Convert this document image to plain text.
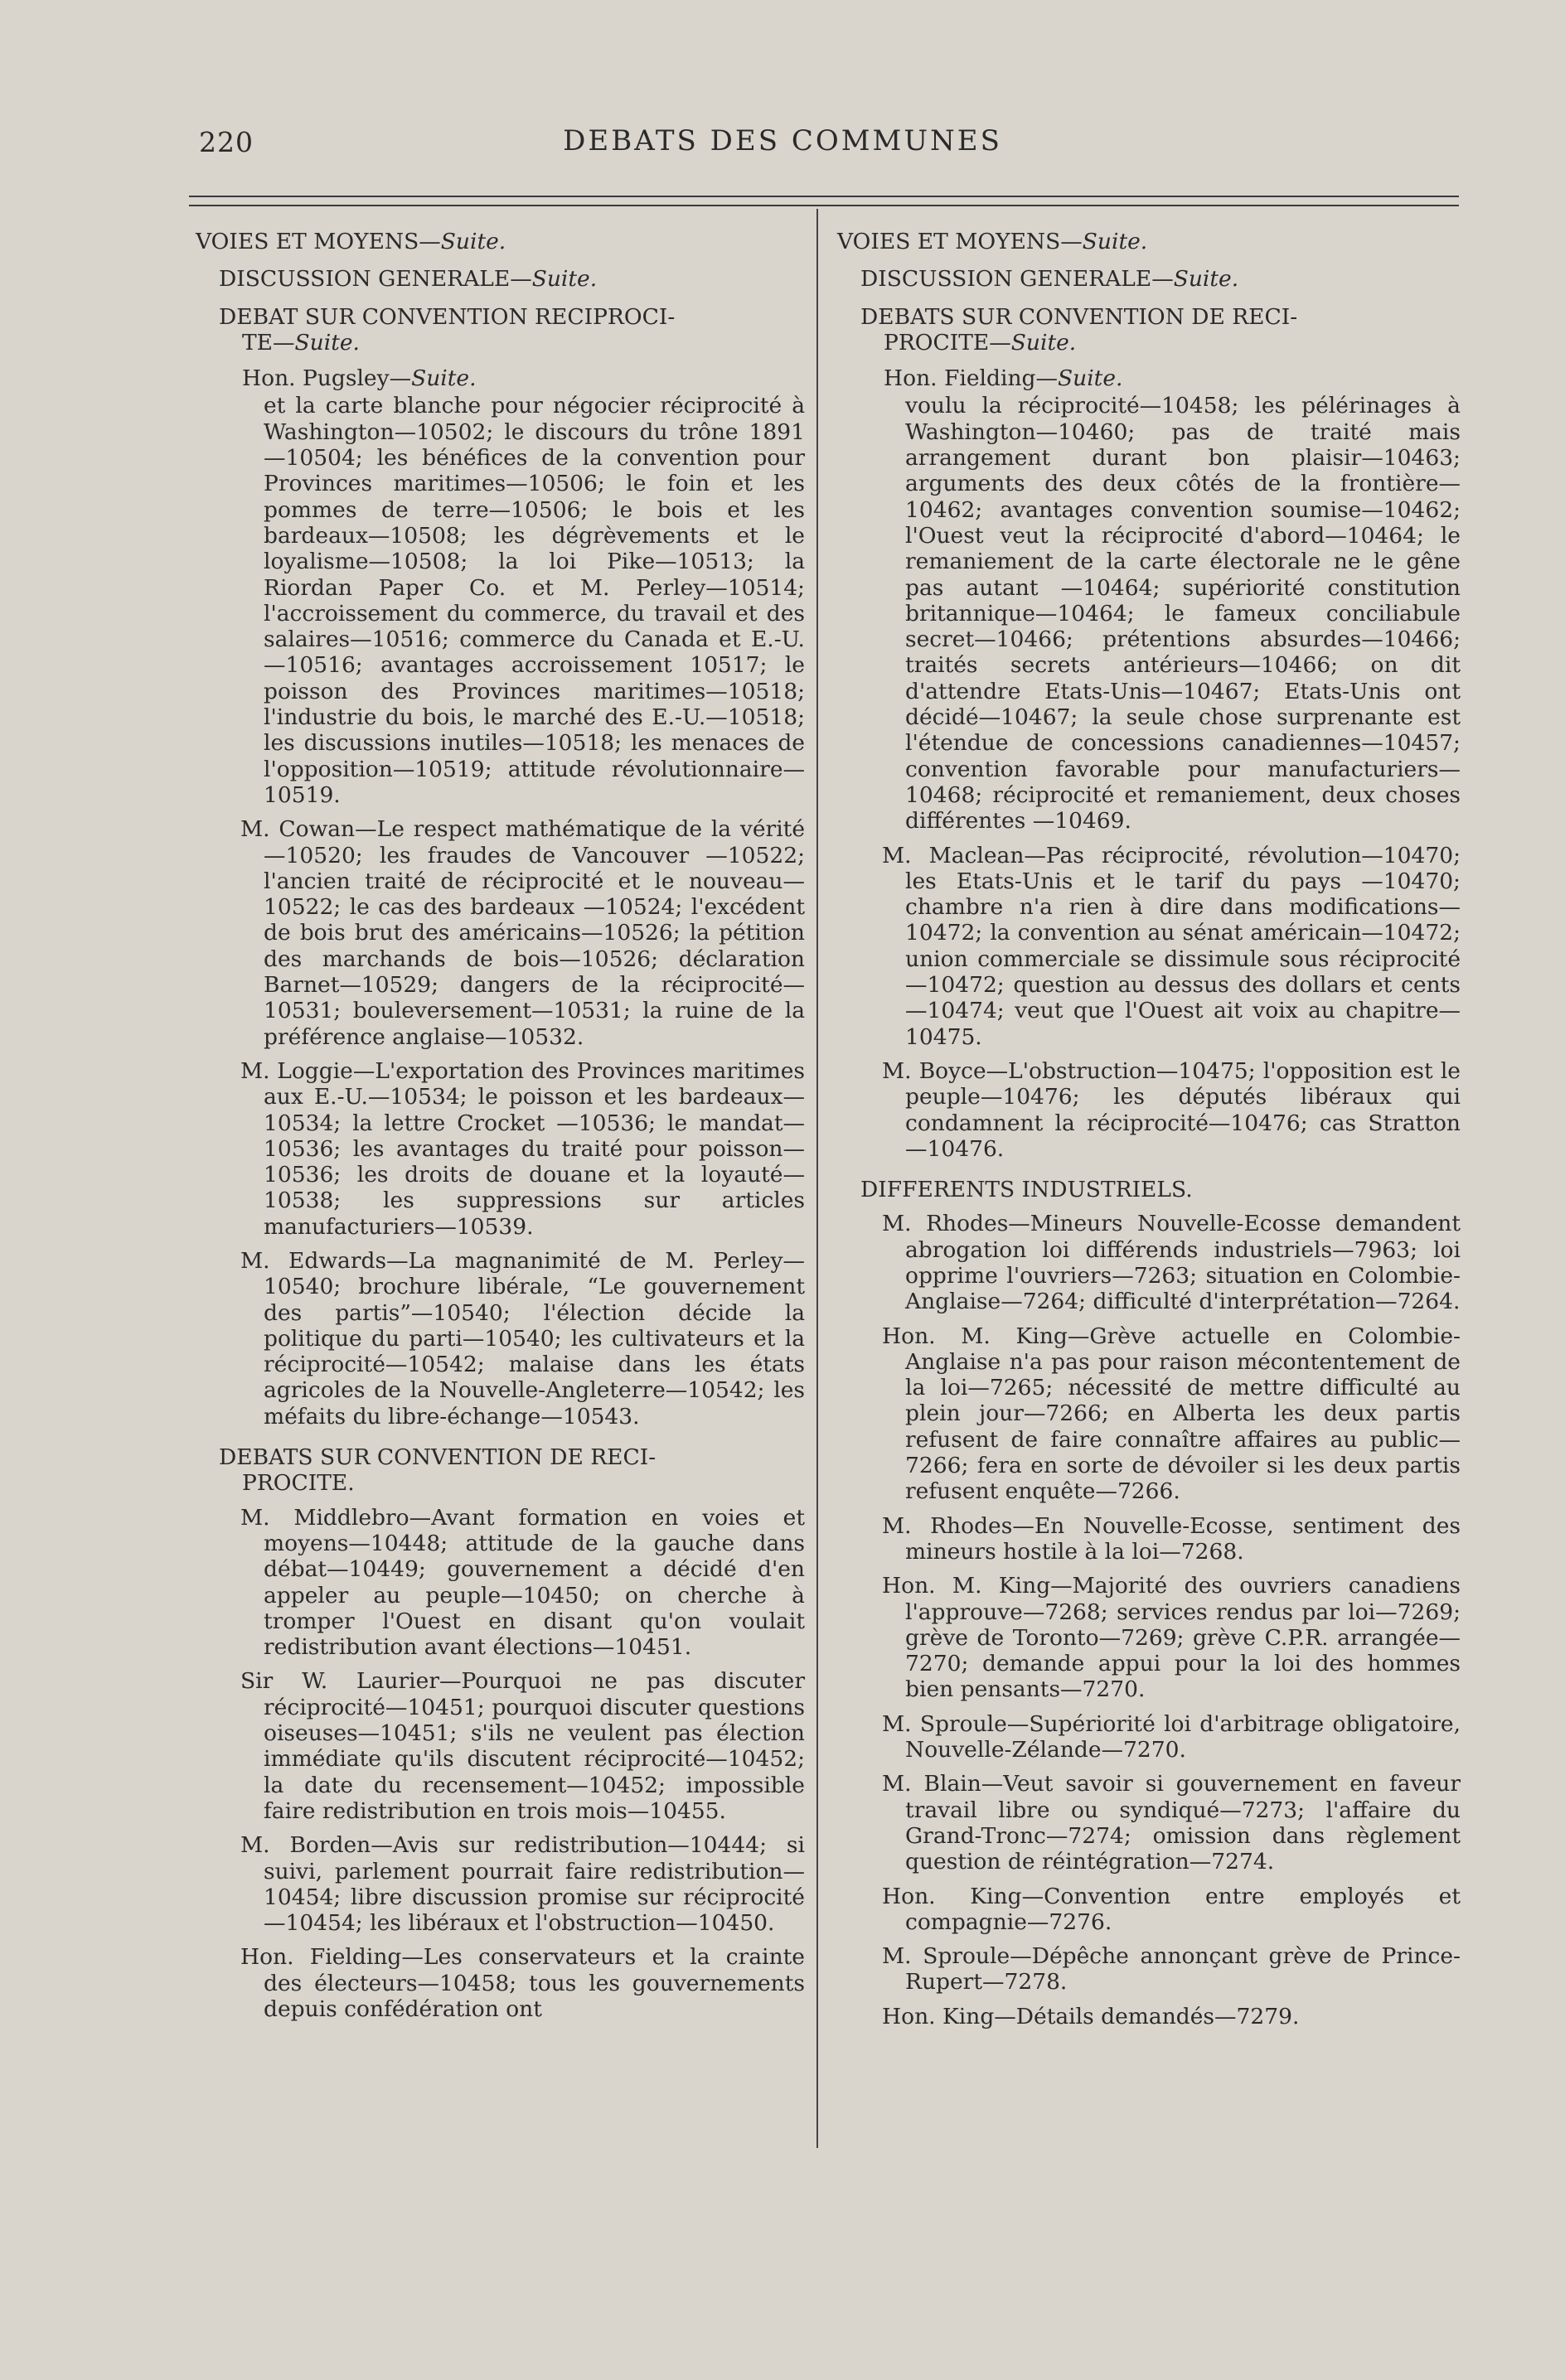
220	DEBATS DES COMMUNES

VOIES ET MOYENS—Suite.

DISCUSSION GENERALE—Suite.

DEBAT SUR CONVENTION RECIPROCI-
TE—Suite.

Hon. Pugsley—Suite.

et la carte blanche pour négocier réciprocité à Washington—10502; le discours du trône 1891—10504; les bénéfices de la convention pour Provinces maritimes—10506; le foin et les pommes de terre—10506; le bois et les bardeaux—10508; les dégrèvements et le loyalisme—10508; la loi Pike—10513; la Riordan Paper Co. et M. Perley—10514; l'accroissement du commerce, du travail et des salaires—10516; commerce du Canada et E.-U.—10516; avantages accroissement 10517; le poisson des Provinces maritimes—10518; l'industrie du bois, le marché des E.-U.—10518; les discussions inutiles—10518; les menaces de l'opposition—10519; attitude révolutionnaire—10519.

M. Cowan—Le respect mathématique de la vérité—10520; les fraudes de Vancouver —10522; l'ancien traité de réciprocité et le nouveau—10522; le cas des bardeaux —10524; l'excédent de bois brut des américains—10526; la pétition des marchands de bois—10526; déclaration Barnet—10529; dangers de la réciprocité—10531; bouleversement—10531; la ruine de la préférence anglaise—10532.

M. Loggie—L'exportation des Provinces maritimes aux E.-U.—10534; le poisson et les bardeaux—10534; la lettre Crocket —10536; le mandat—10536; les avantages du traité pour poisson—10536; les droits de douane et la loyauté—10538; les suppressions sur articles manufacturiers—10539.

M. Edwards—La magnanimité de M. Perley—10540; brochure libérale, “Le gouvernement des partis”—10540; l'élection décide la politique du parti—10540; les cultivateurs et la réciprocité—10542; malaise dans les états agricoles de la Nouvelle-Angleterre—10542; les méfaits du libre-échange—10543.

DEBATS SUR CONVENTION DE RECI-
PROCITE.

M. Middlebro—Avant formation en voies et moyens—10448; attitude de la gauche dans débat—10449; gouvernement a décidé d'en appeler au peuple—10450; on cherche à tromper l'Ouest en disant qu'on voulait redistribution avant élections—10451.

Sir W. Laurier—Pourquoi ne pas discuter réciprocité—10451; pourquoi discuter questions oiseuses—10451; s'ils ne veulent pas élection immédiate qu'ils discutent réciprocité—10452; la date du recensement—10452; impossible faire redistribution en trois mois—10455.

M. Borden—Avis sur redistribution—10444; si suivi, parlement pourrait faire redistribution—10454; libre discussion promise sur réciprocité—10454; les libéraux et l'obstruction—10450.

Hon. Fielding—Les conservateurs et la crainte des électeurs—10458; tous les gouvernements depuis confédération ont

VOIES ET MOYENS—Suite.

DISCUSSION GENERALE—Suite.

DEBATS SUR CONVENTION DE RECI-
PROCITE—Suite.

Hon. Fielding—Suite.

voulu la réciprocité—10458; les pélérinages à Washington—10460; pas de traité mais arrangement durant bon plaisir—10463; arguments des deux côtés de la frontière—10462; avantages convention soumise—10462; l'Ouest veut la réciprocité d'abord—10464; le remaniement de la carte électorale ne le gêne pas autant —10464; supériorité constitution britannique—10464; le fameux conciliabule secret—10466; prétentions absurdes—10466; traités secrets antérieurs—10466; on dit d'attendre Etats-Unis—10467; Etats-Unis ont décidé—10467; la seule chose surprenante est l'étendue de concessions canadiennes—10457; convention favorable pour manufacturiers—10468; réciprocité et remaniement, deux choses différentes —10469.

M. Maclean—Pas réciprocité, révolution—10470; les Etats-Unis et le tarif du pays —10470; chambre n'a rien à dire dans modifications—10472; la convention au sénat américain—10472; union commerciale se dissimule sous réciprocité—10472; question au dessus des dollars et cents—10474; veut que l'Ouest ait voix au chapitre—10475.

M. Boyce—L'obstruction—10475; l'opposition est le peuple—10476; les députés libéraux qui condamnent la réciprocité—10476; cas Stratton—10476.

DIFFERENTS INDUSTRIELS.

M. Rhodes—Mineurs Nouvelle-Ecosse demandent abrogation loi différends industriels—7963; loi opprime l'ouvriers—7263; situation en Colombie-Anglaise—7264; difficulté d'interprétation—7264.

Hon. M. King—Grève actuelle en Colombie-Anglaise n'a pas pour raison mécontentement de la loi—7265; nécessité de mettre difficulté au plein jour—7266; en Alberta les deux partis refusent de faire connaître affaires au public—7266; fera en sorte de dévoiler si les deux partis refusent enquête—7266.

M. Rhodes—En Nouvelle-Ecosse, sentiment des mineurs hostile à la loi—7268.

Hon. M. King—Majorité des ouvriers canadiens l'approuve—7268; services rendus par loi—7269; grève de Toronto—7269; grève C.P.R. arrangée—7270; demande appui pour la loi des hommes bien pensants—7270.

M. Sproule—Supériorité loi d'arbitrage obligatoire, Nouvelle-Zélande—7270.

M. Blain—Veut savoir si gouvernement en faveur travail libre ou syndiqué—7273; l'affaire du Grand-Tronc—7274; omission dans règlement question de réintégration—7274.

Hon. King—Convention entre employés et compagnie—7276.

M. Sproule—Dépêche annonçant grève de Prince-Rupert—7278.

Hon. King—Détails demandés—7279.
